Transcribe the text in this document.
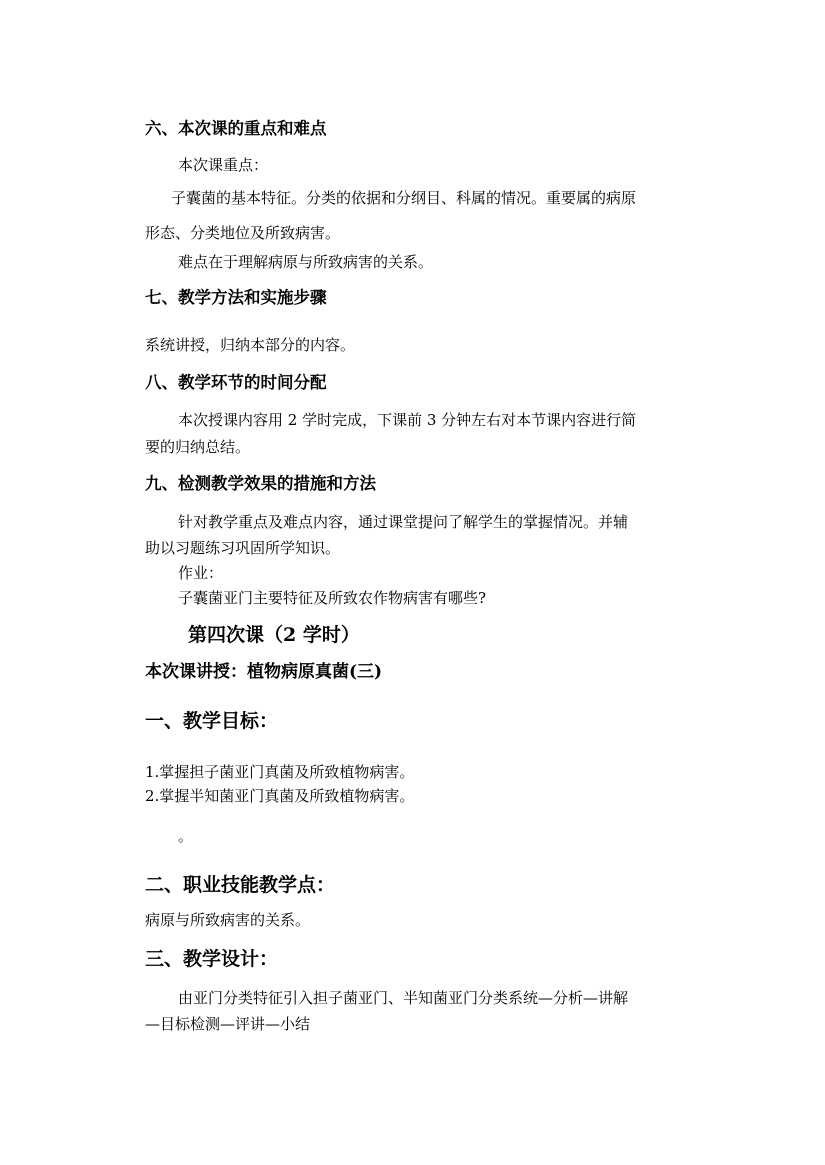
六、本次课的重点和难点
本次课重点：
子囊菌的基本特征。分类的依据和分纲目、科属的情况。重要属的病原
形态、分类地位及所致病害。
难点在于理解病原与所致病害的关系。
七、教学方法和实施步骤
系统讲授，归纳本部分的内容。
八、教学环节的时间分配
本次授课内容用 2 学时完成，下课前 3 分钟左右对本节课内容进行简
要的归纳总结。
九、检测教学效果的措施和方法
针对教学重点及难点内容，通过课堂提问了解学生的掌握情况。并辅
助以习题练习巩固所学知识。
作业：
子囊菌亚门主要特征及所致农作物病害有哪些?
第四次课（2 学时）
本次课讲授：植物病原真菌(三)
一、教学目标：
1.掌握担子菌亚门真菌及所致植物病害。
2.掌握半知菌亚门真菌及所致植物病害。
。
二、职业技能教学点：
病原与所致病害的关系。
三、教学设计：
由亚门分类特征引入担子菌亚门、半知菌亚门分类系统—分析—讲解
—目标检测—评讲—小结
